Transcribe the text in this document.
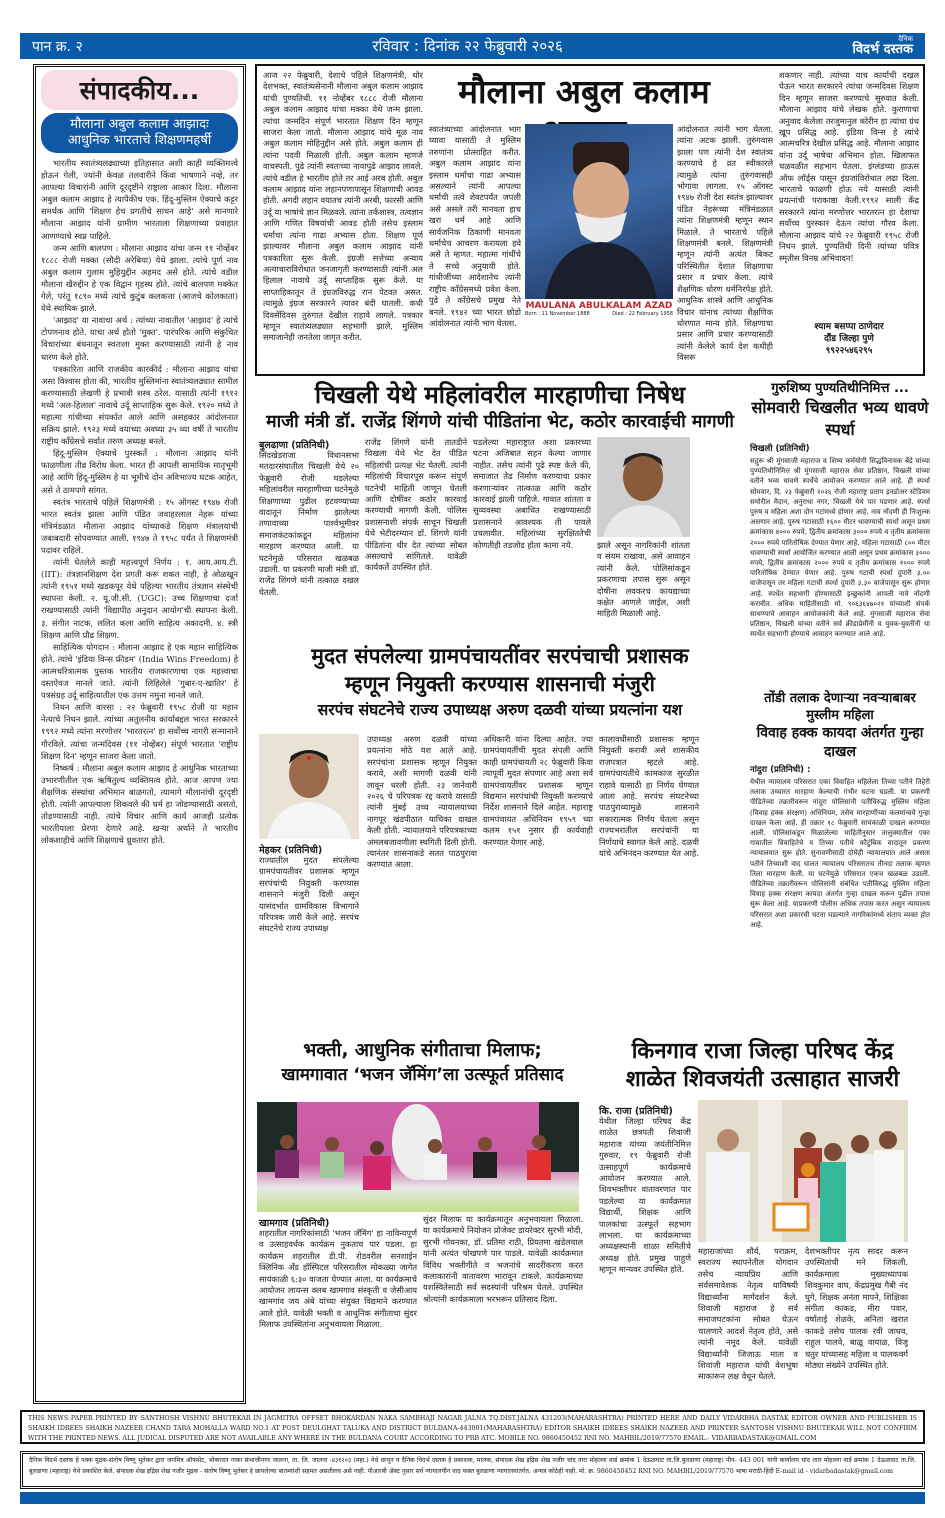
पान क्र. २	रविवार : दिनांक २२ फेब्रुवारी २०२६	दैनिक
विदर्भ दस्तक
संपादकीय...
मौलाना अबुल कलाम आझादः
आधुनिक भारताचे शिक्षणमहर्षी

भारतीय स्वातंत्र्यलढ्याच्या इतिहासात अशी काही व्यक्तिमत्त्वे होऊन गेली, ज्यांनी केवळ तलवारीने किंवा भाषणाने नव्हे, तर आपल्या विचारांनी आणि दूरदृष्टीने राष्ट्राला आकार दिला. मौलाना अबुल कलाम आझाद हे त्यापैकीच एक. हिंदू-मुस्लिम ऐक्याचे कट्टर समर्थक आणि 'शिक्षण हेच प्रगतीचे साधन आहे' असे मानणारे मौलाना आझाद यांनी ग्रामीण भारताला शिक्षणाच्या प्रवाहात आणण्याचे स्वप्न पाहिले.

जन्म आणि बालपण : मौलाना आझाद यांचा जन्म ११ नोव्हेंबर १८८८ रोजी मक्का (सौदी अरेबिया) येथे झाला. त्यांचे पूर्ण नाव अबुल कलाम गुलाम मुहियुद्दीन अहमद असे होते. त्यांचे वडील मौलाना खैरुद्दीन हे एक विद्वान गृहस्थ होते. त्यांचे बालपण मक्केत गेले, परंतु १८९० मध्ये त्यांचे कुटुंब कलकत्ता (आजचे कोलकाता) येथे स्थायिक झाले.

'आझाद' या नावाचा अर्थ : त्यांच्या नावातील 'आझाद' हे त्यांचे टोपणनाव होते. याचा अर्थ होतो 'मुक्त'. पारंपरिक आणि संकुचित विचारांच्या बंधनातून स्वतःला मुक्त करण्यासाठी त्यांनी हे नाव धारण केले होते.

पत्रकारिता आणि राजकीय कारकीर्द : मौलाना आझाद यांचा असा विश्वास होता की, भारतीय मुस्लिमांना स्वातंत्र्यलढ्यात सामील करण्यासाठी लेखणी हे प्रभावी शस्त्र ठरेल. यासाठी त्यांनी १९१२ मध्ये 'अल-हिलाल' नावाचे उर्दू साप्ताहिक सुरू केले. १९२० मध्ये ते महात्मा गांधीच्या संपर्कात आले आणि असहकार आंदोलनात सक्रिय झाले. १९२३ मध्ये वयाच्या अवघ्या ३५ व्या वर्षी ते भारतीय राष्ट्रीय काँग्रेसचे सर्वात तरुण अध्यक्ष बनले.

हिंदू-मुस्लिम ऐक्याचे पुरस्कर्ते : मौलाना आझाद यांनी फाळणीला तीव्र विरोध केला. भारत ही आपली सामायिक मातृभूमी आहे आणि हिंदू-मुस्लिम हे या भूमीचे दोन अविभाज्य घटक आहेत, असे ते ठामपणे सांगत.

स्वतंत्र भारताचे पहिले शिक्षणमंत्री : १५ ऑगस्ट १९४७ रोजी भारत स्वतंत्र झाला आणि पंडित जवाहरलाल नेहरू यांच्या मंत्रिमंडळात मौलाना आझाद यांच्याकडे शिक्षण मंत्रालयाची जबाबदारी सोपवण्यात आली. १९४७ ते १९५८ पर्यंत ते शिक्षणमंत्री पदावर राहिले.

त्यांनी घेतलेले काही महत्त्वपूर्ण निर्णय : १. आय.आय.टी. (IIT): तंत्रज्ञानशिक्षण देश प्रगती करू शकत नाही, हे ओळखून त्यांनी १९५१ मध्ये खडकपूर येथे पहिल्या भारतीय तंत्रज्ञान संस्थेची स्थापना केली. २. यू.जी.सी. (UGC): उच्च शिक्षणाचा दर्जा राखण्यासाठी त्यांनी 'विद्यापीठ अनुदान आयोग'ची स्थापना केली. ३. संगीत नाटक, ललित कला आणि साहित्य अकादमी. ४. स्त्री शिक्षण आणि प्रौढ शिक्षण.

साहित्यिक योगदान : मौलाना आझाद हे एक महान साहित्यिक होते. त्यांचे 'इंडिया विन्स फ्रीडम' (India Wins Freedom) हे आत्मचरित्रात्मक पुस्तक भारतीय राजकारणाचा एक महत्त्वाचा दस्तऐवज मानले जाते. त्यांनी लिहिलेले 'गुबार-ए-खातिर' हे पत्रसंग्रह उर्दू साहित्यातील एक उत्तम नमुना मानले जाते.

निधन आणि वारसा : २२ फेब्रुवारी १९५८ रोजी या महान नेत्याचे निधन झाले. त्यांच्या अतुलनीय कार्याबद्दल भारत सरकारने १९९२ मध्ये त्यांना मरणोत्तर 'भारतरत्न' हा सर्वोच्च नागरी सन्मानाने गौरविले. त्यांचा जन्मदिवस (११ नोव्हेंबर) संपूर्ण भारतात 'राष्ट्रीय शिक्षण दिन' म्हणून साजरा केला जातो.

निष्कर्ष : मौलाना अबुल कलाम आझाद हे आधुनिक भारताच्या उभारणीतील एक ऋषितुल्य व्यक्तिमत्व होते. आज आपण ज्या शैक्षणिक संस्थांचा अभिमान बाळगतो, त्यामागे मौलानांची दूरदृष्टी होती. त्यांनी आपल्याला शिकवले की धर्म हा जोडण्यासाठी असतो, तोडण्यासाठी नाही. त्यांचे विचार आणि कार्य आजही प्रत्येक भारतीयाला प्रेरणा देणारे आहे. खऱ्या अर्थाने ते भारतीय लोकशाहीचे आणि शिक्षणाचे ध्रुवतारा होते.

आज २२ फेब्रुवारी, देशाचे पहिले शिक्षणमंत्री, थोर देशभक्त, स्वातंत्र्यसेनानी मौलाना अबुल कलाम आझाद यांची पुण्यतिथी. ११ नोव्हेंबर १८८८ रोजी मौलाना अबुल कलाम आझाद यांचा मक्का येथे जन्म झाला. त्यांचा जन्मदिन संपूर्ण भारतात शिक्षण दिन म्हणून साजरा केला जातो. मौलाना आझाद यांचे मूळ नाव अबुल कलाम मोहिनुद्दीन असे होते. अबुल कलाम ही त्यांना पदवी मिळाली होती. अबुल कलाम म्हणजे वाचस्पती. पुढे त्यांनी स्वतःच्या नावापुढे आझाद लावले. त्यांचे वडील हे भारतीय होते तर आई अरब होती. अबुल कलाम आझाद यांना लहानपणापासून शिक्षणाची आवड होती. अगदी लहान वयातच त्यांनी अरबी, फारसी आणि उर्दू या भाषांचे ज्ञान मिळवले. त्यांना तर्कशास्त्र, तत्वज्ञान आणि गणित विषयांची आवड होती तसेच इस्लाम धर्माचा त्यांना गाढा अभ्यास होता. शिक्षण पूर्ण झाल्यावर मौलाना अबुल कलाम आझाद यांनी पत्रकारिता सुरू केली. इंग्रजी सत्तेच्या अन्याय अत्याचाराविरोधात जनजागृती करण्यासाठी त्यांनी अल हिलाल नावाचे उर्दू साप्ताहिक सुरू केले. या साप्ताहिकातून ते इंग्रजविरुद्ध रान पेटवत असत. त्यामुळे इंग्रज सरकारने त्यावर बंदी घातली. कधी दिवसेंदिवस तुरुंगात देखील राहावे लागले. पत्रकार म्हणून स्वातंत्र्यलढ्यात सहभागी झाले, मुस्लिम समाजानेही जनतेला जागृत करीत.
मौलाना अबुल कलाम
स्वातंत्र्याच्या आंदोलनात भाग घ्यावा यासाठी ते मुस्लिम तरुणांना प्रोत्साहित करीत. अबुल कलाम आझाद यांना इस्लाम धर्माचा गाढा अभ्यास असल्याने त्यांनी आपल्या धर्माची तत्वे शेवटपर्यंत जपली असे असले तरी मानवता हाच खरा धर्म आहे आणि सार्वजनिक ठिकाणी मानवता धर्माचेच आचरण करायला हवे असे ते म्हणत. महात्मा गांधींचे ते सच्चे अनुयायी होते. गांधीजींच्या आदेशानेच त्यांनी राष्ट्रीय काँग्रेसमध्ये प्रवेश केला. पुढे ते काँग्रेसचे प्रमुख नेते बनले. १९४२ च्या भारत छोडो आंदोलनात त्यांनी भाग घेतला.
MAULANA ABULKALAM AZAD
Born : 11 November 1888	Died : 22 February 1958
आंदोलनात त्यांनी भाग घेतला. त्यांना अटक झाली. तुरुंगवास झाला पण त्यांनी देश स्वातंत्र्य करण्याचे हे व्रत स्वीकारले त्यामुळे त्यांना तुरुंगवासही भोगावा लागला. १५ ऑगस्ट १९४७ रोजी देश स्वतंत्र झाल्यावर पंडित नेहरूंच्या मंत्रिमंडळात त्यांना शिक्षणमंत्री म्हणून स्थान मिळाले. ते भारताचे पहिले शिक्षणमंत्री बनले. शिक्षणमंत्री म्हणून त्यांनी अत्यंत बिकट परिस्थितीत देशात शिक्षणाचा प्रसार व प्रचार केला. त्यांचे शैक्षणिक धोरण धर्मनिरपेक्ष होते. आधुनिक शास्त्रे आणि आधुनिक विचार यांनाच त्यांच्या शैक्षणिक धोरणात मान्य होते. शिक्षणाचा प्रसार आणि प्रचार करण्यासाठी त्यांनी केलेले कार्य देश कधीही विसरू
शकणार नाही. त्यांच्या याच कार्याची दखल घेऊन भारत सरकारने त्यांचा जन्मदिवस शिक्षण दिन म्हणून साजरा करण्याचे सुरुवात केली. मौलाना आझाद यांचे लेखक होते. कुराणाचा अनुवाद केलेला तरजुमानुल कोरीन हा त्यांचा ग्रंथ खूप प्रसिद्ध आहे. इंडिया विन्स हे त्यांचे आत्मचरित्र देखील प्रसिद्ध आहे. मौलाना आझाद यांना उर्दू भाषेचा अभिमान होता. खिलाफत चळवळीत सहभाग घेतला. इंग्लंडच्या हाऊस ऑफ लॉर्ड्स पासून इंग्रजांविरोधात लढा दिला. भारताचे फाळणी होऊ नये यासाठी त्यांनी प्रयत्नांची पराकाष्ठा केली.१९९२ साली केंद्र सरकारने त्यांना मरणोत्तर भारतरत्न हा देशाचा सर्वोच्च पुरस्कार देऊन त्यांचा गौरव केला. मौलाना आझाद यांचे २२ फेब्रुवारी १९५८ रोजी निधन झाले. पुण्यतिथी दिनी त्यांच्या पवित्र स्मृतीस विनम्र अभिवादन!
श्याम बसप्पा ठाणेदार
दौंड जिल्हा पुणे
९९२२५४६२९५
चिखली येथे महिलांवरील मारहाणीचा निषेध
माजी मंत्री डॉ. राजेंद्र शिंगणे यांची पीडितांना भेट, कठोर कारवाईची मागणी
बुलढाणा (प्रतिनिधी)
सिंदखेडराजा विधानसभा मतदारसंघातील चिखली येथे २० फेब्रुवारी रोजी घडलेल्या महिलांवरील मारहाणीच्या घटनेमुळे शिक्षणाच्या पुढील हटवण्याच्या वादातून निर्माण झालेल्या तणावाच्या पार्श्वभूमीवर समाजकंटकांकडून महिलांना मारहाण करण्यात आली. या घटनेमुळे परिसरात खळबळ उडाली. या प्रकरणी माजी मंत्री डॉ. राजेंद्र शिंगणे यांनी तत्काळ दखल घेतली.
राजेंद्र शिंगणे यांनी तातडीने चिखला येथे भेट देत पीडित महिलांची प्रत्यक्ष भेट घेतली. त्यांनी महिलांची विचारपूस करून संपूर्ण घटनेची माहिती जाणून घेतली आणि दोषींवर कठोर कारवाई करण्याची मागणी केली. पोलिस प्रशासनाशी संपर्क साधून चिखली येथे भेटीदरम्यान डॉ. शिंगणे यांनी पीडितांना धीर देत त्यांच्या सोबत असल्याचे सांगितले. यावेळी कार्यकर्ते उपस्थित होते.
घडलेल्या महाराष्ट्रात अशा प्रकारच्या घटना अजिबात सहन केल्या जाणार नाहीत. तसेच त्यांनी पुढे स्पष्ट केले की, समाजात तेढ निर्माण करण्याचा प्रकार करणाऱ्यांवर तात्काळ आणि कठोर कारवाई झाली पाहिजे. गावात शांतता व सुव्यवस्था अबाधित राखण्यासाठी प्रशासनाने आवश्यक ती पावले उचलावीत. महिलांच्या सुरक्षिततेची कोणतीही तडजोड होता कामा नये.	झाले असून नागरिकांनी शांतता व संयम राखावा, असे आवाहन त्यांनी केले. पोलिसांकडून प्रकरणाचा तपास सुरू असून दोषींना लवकरच कायद्याच्या कक्षेत आणले जाईल, अशी माहिती मिळाली आहे.
गुरुशिष्य पुण्यतिथीनिमित्त ...
सोमवारी चिखलीत भव्य धावणे स्पर्धा
चिखली (प्रतिनिधी)
सद्गुरू श्री मुंगसाजी महाराज व शिष्य कर्मयोगी सिद्धविनायक बेंद्रे यांच्या पुण्यतिथीनिमित्त श्री मुंगसाजी महाराज सेवा प्रतिष्ठान, चिखली यांच्या वतीने भव्य धावणे स्पर्धेचे आयोजन करण्यात आले आहे. ही स्पर्धा सोमवार, दि. २३ फेब्रुवारी २०२६ रोजी महाराष्ट्र प्रताप इनडोअर स्टेडियम समोरील मैदान, अनुराधा नगर, चिखली येथे पार पडणार आहे. स्पर्धा पुरुष व महिला अशा दोन गटांमध्ये होणार आहे. नाव नोंदणी ही निःशुल्क असणार आहे. पुरुष गटासाठी १६०० मीटर धावण्याची स्पर्धा असून प्रथम क्रमांकास ४००० रुपये, द्वितीय क्रमांकास ३००० रुपये व तृतीय क्रमांकास २००० रुपये पारितोषिक देण्यात येणार आहे. महिला गटासाठी ८०० मीटर धावण्याची स्पर्धा आयोजित करण्यात आली असून प्रथम क्रमांकास ३००० रुपये, द्वितीय क्रमांकास २००० रुपये व तृतीय क्रमांकास १००० रुपये पारितोषिक देण्यात येणार आहे. पुरुष गटाची स्पर्धा दुपारी ३.०० वाजेपासून तर महिला गटाची स्पर्धा दुपारी ३.३० वाजेपासून सुरू होणार आहे. स्पर्धेत सहभागी होण्यासाठी इच्छुकांनी आपली नावे नोंदणी करावीत. अधिक माहितीसाठी मो. ९०६३६४७०२१ यांच्याशी संपर्क साधण्याचे आवाहन आयोजकांनी केले आहे. मुंगसाजी महाराज सेवा प्रतिष्ठान, चिखली यांच्या वतीने सर्व क्रीडाप्रेमींनी व युवक-युवतींनी या स्पर्धेत सहभागी होण्याचे आवाहन करण्यात आले आहे.
मुदत संपलेल्या ग्रामपंचायतींवर सरपंचाची प्रशासक
म्हणून नियुक्ती करण्यास शासनाची मंजुरी
सरपंच संघटनेचे राज्य उपाध्यक्ष अरुण दळवी यांच्या प्रयत्नांना यश
मेहकर (प्रतिनिधी)
राज्यातील मुदत संपलेल्या ग्रामपंचायतीवर प्रशासक म्हणून सरपंचांची नियुक्ती करण्यास शासनाने मंजुरी दिली असून यासंदर्भात ग्रामविकास विभागाने परिपत्रक जारी केले आहे. सरपंच संघटनेचे राज्य उपाध्यक्ष
उपाध्यक्ष अरुण दळवी यांच्या प्रयत्नांना मोठे यश आले आहे. सरपंचांना प्रशासक म्हणून नियुक्त करावे, अशी मागणी दळवी यांनी लावून धरली होती. २३ जानेवारी २०२६ चे परिपत्रक रद्द करावे यासाठी त्यांनी मुंबई उच्च न्यायालयाच्या नागपूर खंडपीठात याचिका दाखल केली होती. न्यायालयाने परिपत्रकाच्या अंमलबजावणीला स्थगिती दिली होती. त्यानंतर शासनाकडे सतत पाठपुरावा करण्यात आला.
अधिकारी यांना दिल्या आहेत. ज्या ग्रामपंचायतींची मुदत संपली आणि काही ग्रामपंचायती २८ फेब्रुवारी किंवा त्यापूर्वी मुदत संपणार आहे अशा सर्व ग्रामपंचायतींवर प्रशासक म्हणून विद्यमान सरपंचांची नियुक्ती करण्याचे निर्देश शासनाने दिले आहेत. महाराष्ट्र ग्रामपंचायत अधिनियम १९५९ च्या कलम १५१ नुसार ही कार्यवाही करण्यात येणार आहे.
कालावधीसाठी प्रशासक म्हणून नियुक्ती करावी असे शासकीय राजपत्रात म्हटले आहे. ग्रामपंचायतींचे कामकाज सुरळीत राहावे यासाठी हा निर्णय घेण्यात आला आहे. सरपंच संघटनेच्या पाठपुराव्यामुळे शासनाने सकारात्मक निर्णय घेतला असून राज्यभरातील सरपंचांनी या निर्णयाचे स्वागत केले आहे. दळवी यांचे अभिनंदन करण्यात येत आहे.
तोंडी तलाक देणाऱ्या नवऱ्याबाबर मुस्लीम महिला
विवाह हक्क कायदा अंतर्गत गुन्हा दाखल
नांदुरा (प्रतिनिधी) :
येथील न्यायालय परिसरात एका विवाहित महिलेला तिच्या पतीने तिहेरी तलाक उच्चारत मारहाण केल्याची गंभीर घटना घडली. या प्रकरणी पीडितेच्या तक्रारीवरून नांदुरा पोलिसांनी पतीविरुद्ध मुस्लिम महिला (विवाह हक्क संरक्षण) अधिनियम, तसेच मारहाणीच्या कलमांन्वये गुन्हा दाखल केला आहे. ही तक्रार १८ फेब्रुवारी सायंकाळी दाखल करण्यात आली. पोलिसांकडून मिळालेल्या माहितीनुसार तालुक्यातील एका गावातील विवाहितेचे व तिच्या पतीचे कौटुंबिक वादातून प्रकरण न्यायालयात सुरू होते. सुनावणीसाठी दोघेही न्यायालयात आले असता पतीने तिच्याशी वाद घालत न्यायालय परिसरातच तीनदा तलाक म्हणत तिला मारहाण केली. या घटनेमुळे परिसरात एकच खळबळ उडाली. पीडितेच्या तक्रारीवरून पोलिसांनी संबंधित पतीविरुद्ध मुस्लिम महिला विवाह हक्क संरक्षण कायदा अंतर्गत गुन्हा दाखल करून पुढील तपास सुरू केला आहे. याप्रकरणी पोलीस अधिक तपास करत असून न्यायालय परिसरात अशा प्रकारची घटना घडल्याने नागरिकांमध्ये संताप व्यक्त होत आहे.
भक्ती, आधुनिक संगीताचा मिलाफ;
खामगावात ‘भजन जॅमिंग’ला उत्स्फूर्त प्रतिसाद
खामगाव (प्रतिनिधी)
शहरातील नागरिकांसाठी 'भजन जॅमिंग' हा नाविन्यपूर्ण व उत्साहवर्धक कार्यक्रम नुकताच पार पडला. हा कार्यक्रम शहरातील डी.पी. रोडवरील सनशाईन क्लिनिक अँड हॉस्पिटल परिसरातील मोकळ्या जागेत सायंकाळी ६:३० वाजता घेण्यात आला. या कार्यक्रमाचे आयोजन लायन्स क्लब खामगाव संस्कृती व जेसीआय खामगांव जय अंबे यांच्या संयुक्त विद्यमाने करण्यात आले होते. यावेळी भक्ती व आधुनिक संगीताचा सुंदर मिलाफ उपस्थितांना अनुभवायला मिळाला.
सुंदर मिलाफ या कार्यक्रमातून अनुभवायला मिळाला. या कार्यक्रमाचे नियोजन प्रोजेक्ट डायरेक्टर सुरभी मोदी, सुरभी गोयनका, डॉ. प्रतिमा राठी, प्रियतमा खंडेलवाल यांनी अत्यंत चोखपणे पार पाडले. यावेळी कार्यक्रमात विविध भक्तीगीते व भजनांचे सादरीकरण करत कलाकारांनी वातावरण भारावून टाकले. कार्यक्रमाच्या यशस्वितेसाठी सर्व सदस्यांनी परिश्रम घेतले. उपस्थित श्रोत्यांनी कार्यक्रमाला भरभरून प्रतिसाद दिला.
किनगाव राजा जिल्हा परिषद केंद्र
शाळेत शिवजयंती उत्साहात साजरी
कि. राजा (प्रतिनिधी)
येथील जिल्हा परिषद केंद्र शाळेत छत्रपती शिवाजी महाराज यांच्या जयंतीनिमित्त गुरुवार, १९ फेब्रुवारी रोजी उत्साहपूर्ण कार्यक्रमाचे आयोजन करण्यात आले. शिवभक्तीपर वातावरणात पार पडलेल्या या कार्यक्रमात विद्यार्थी, शिक्षक आणि पालकांचा उत्स्फूर्त सहभाग लाभला. या कार्यक्रमाच्या अध्यक्षस्थानी शाळा समितीचे अध्यक्ष होते. प्रमुख पाहुणे म्हणून मान्यवर उपस्थित होते.
महाराजांच्या शौर्य, पराक्रम, स्वराज्य स्थापनेतील योगदान तसेच न्यायप्रिय आणि सर्वसमावेशक नेतृत्व याविषयी विद्यार्थ्यांना मार्गदर्शन केले. शिवाजी महाराज हे सर्व समाजघटकांना सोबत घेऊन चालणारे आदर्श नेतृत्व होते, असे त्यांनी नमूद केले. यावेळी विद्यार्थ्यांनी जिजाऊ माता व शिवाजी महाराज यांची वेशभूषा साकारून लक्ष वेधून घेतले.
देशभक्तीपर नृत्य सादर करून उपस्थितांची मने जिंकली. कार्यक्रमाला मुख्याध्यापक शिवकुमार वाघ, केंद्रप्रमुख गैबी नंद घुगे, शिक्षक अनंता मापने, शिक्षिका संगीता काकड, मीरा पवार, वर्षाताई शेळके, अनिता खरात काकडे तसेच पालक रवी जाधव, राहुल पालवे, बाळू वायाळ, विजू चतुर यांच्यासह महिला व पालकवर्ग मोठ्या संख्येने उपस्थित होते.
THIS NEWS PAPER PRINTED BY SANTHOSH VISHNU BHUTEKAR IN JAGMITRA OFFSET BHOKARDAN NAKA SAMBHAJI NAGAR JALNA TQ.DIST.JALNA 431203(MAHARASHTRA) PRINTED HERE AND DAILY VIDARBHA DASTAK EDITOR OWNER AND PUBLISHER IS SHAIKH IDREES SHAIKH NAZEER CHAND TARA MOHALLA WARD NO.1 AT POST DEULGHAT TALUKA AND DISTRICT BULDANA-443001(MAHARASHTRA) EDITOR SHAIKH IDREES SHAIKH NAZEER AND PRINTER SANTOSH VISHNU BHUTEKAR WILL NOT CONFIRM WITH THE PRINTED NEWS. ALL JUDICAL DISPUTED ARE NOT AVAILABLE ANY WHERE IN THE BULDANA COURT ACCORDING TO PRB ATC. MOBILE NO. 9860450452 RNI NO. MAHBIL/2019/77570 EMAIL.- VIDARBADASTAK@GMAIL.COM
दैनिक विदर्भ दस्तक हे पत्रक मुद्रक-संतोष विष्णू भुतेकर द्वारा जगमित्र ऑफसेट, भोकरदन नाका संभाजीनगर जालना, ता. जि. जालना -४३१२०३ (महा.) येथे छापून व दैनिक विदर्भ दस्तक हे प्रकाशक, मालक, संपादक शेख इद्रिस शेख नजीर चांद तारा मोहल्ला वार्ड क्रमांक 1 देऊळघाट ता.जि.बुलडाणा (महाराष्ट्र) पीन- 443 001 यांनी कार्यालय चांद तारा मोहल्ला वार्ड क्रमांक 1 देऊळघाट ता.जि. बुलडाणा (महाराष्ट्र) येथे प्रकाशित केले. संपादक शेख इद्रिस शेख नजीर मुद्रक - संतोष विष्णू भुतेकर हे छापलेल्या बातम्यांशी सहमत असतीलच असे नाही. पीआरबी ॲक्ट नुसार सर्व न्यायालयीन वाद फक्त बुलडाणा न्यायालयांतर्गत. अन्यत्र कोठेही नाही. मो. क्र. 9860450452 RNI NO. MAHBIL/2019/77570 भाषा मराठी-हिंदी E-mail id - vidarbadastak@gmail.com
